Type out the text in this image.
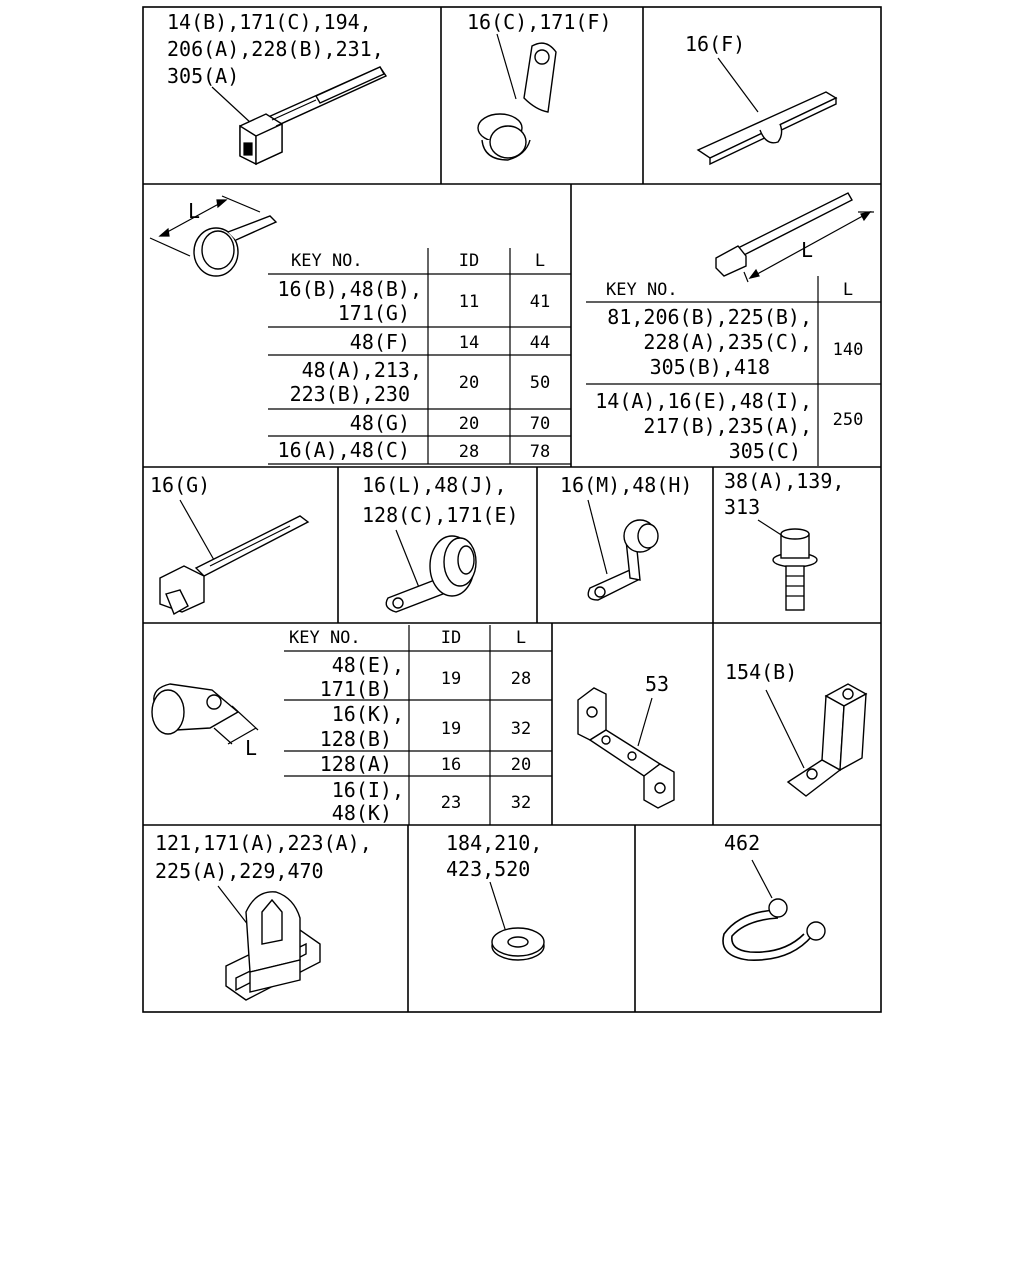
14(B),171(C),194,
206(A),228(B),231,
305(A)
16(C),171(F)
16(F)
L
KEY NO.	ID	L
16(B),48(B),
171(G)	11	41
48(F)	14	44
48(A),213,
223(B),230	20	50
48(G)	20	70
16(A),48(C)	28	78
L
KEY NO.	L
81,206(B),225(B),
228(A),235(C),
305(B),418
140
14(A),16(E),48(I),
217(B),235(A),
305(C)
250
16(G)	16(L),48(J),
128(C),171(E)
16(M),48(H) 38(A),139,
313
L
KEY NO.	ID	L
48(E),
171(B)	19	28
16(K),
128(B)	19	32
128(A)	16	20
16(I),
48(K)	23	32
53	154(B)
121,171(A),223(A),
225(A),229,470
184,210,
423,520
462
